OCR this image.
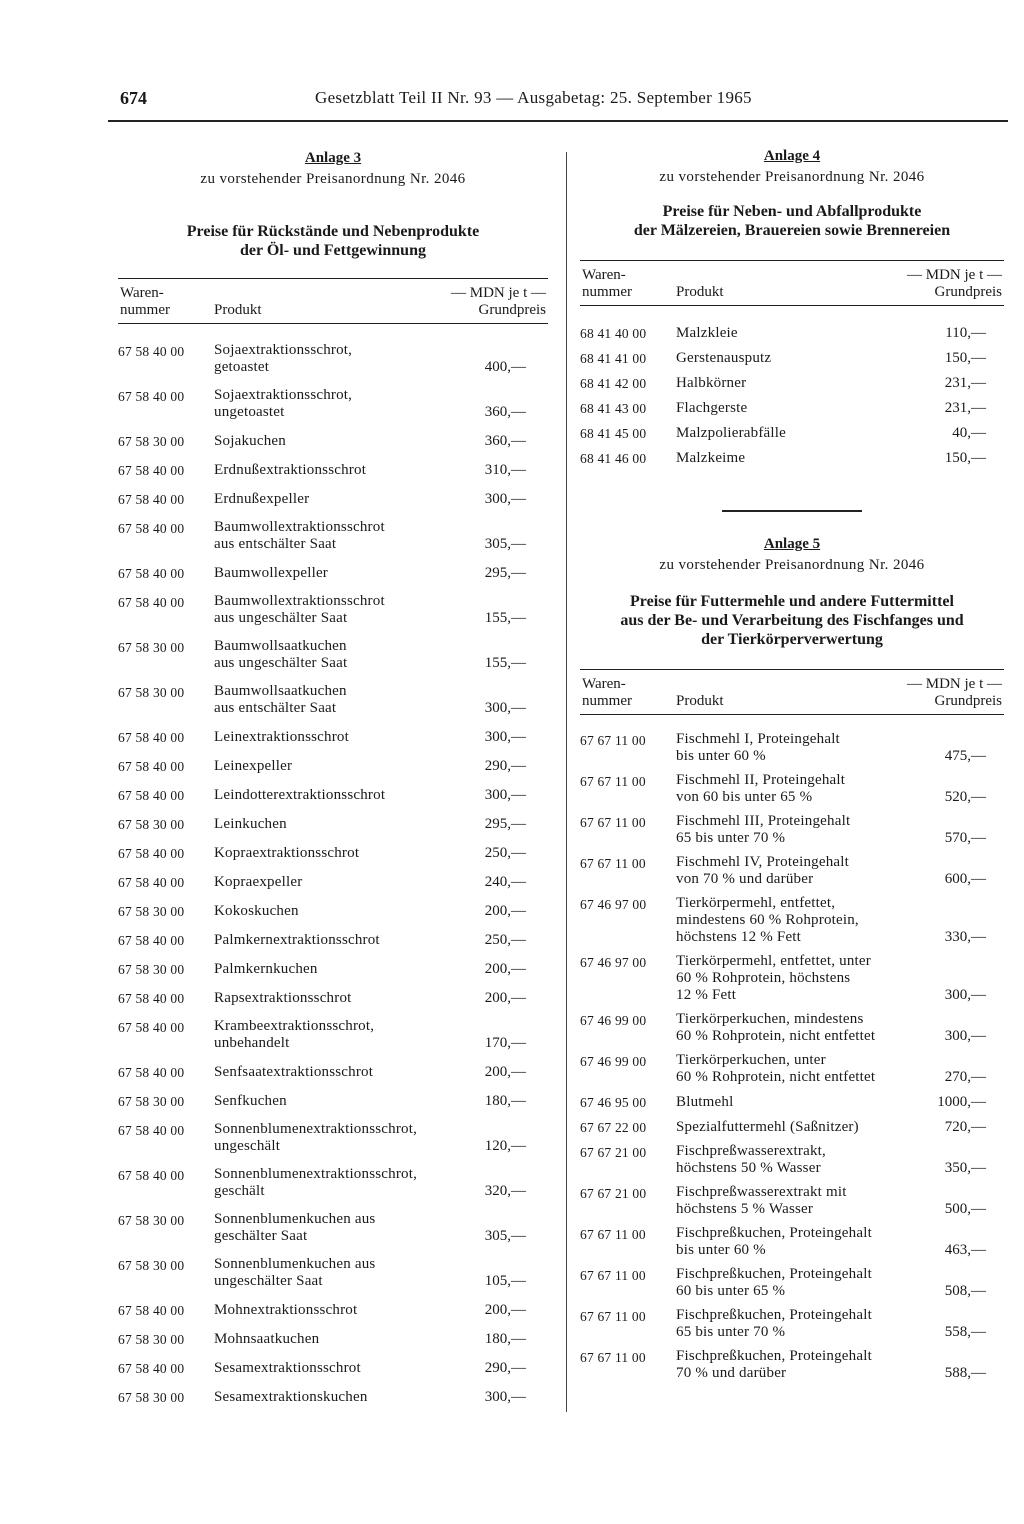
674	Gesetzblatt Teil II Nr. 93 — Ausgabetag: 25. September 1965
Anlage 3
zu vorstehender Preisanordnung Nr. 2046
Preise für Rückstände und Nebenprodukte
der Öl- und Fettgewinnung
Waren-
nummer	Produkt
— MDN je t —
Grundpreis
67 58 40 00	Sojaextraktionsschrot,
getoastet	400,—
67 58 40 00	Sojaextraktionsschrot,
ungetoastet	360,—
67 58 30 00	Sojakuchen	360,—
67 58 40 00	Erdnußextraktionsschrot	310,—
67 58 40 00	Erdnußexpeller	300,—
67 58 40 00	Baumwollextraktionsschrot
aus entschälter Saat	305,—
67 58 40 00	Baumwollexpeller	295,—
67 58 40 00	Baumwollextraktionsschrot
aus ungeschälter Saat	155,—
67 58 30 00	Baumwollsaatkuchen
aus ungeschälter Saat	155,—
67 58 30 00	Baumwollsaatkuchen
aus entschälter Saat	300,—
67 58 40 00	Leinextraktionsschrot	300,—
67 58 40 00	Leinexpeller	290,—
67 58 40 00	Leindotterextraktionsschrot	300,—
67 58 30 00	Leinkuchen	295,—
67 58 40 00	Kopraextraktionsschrot	250,—
67 58 40 00	Kopraexpeller	240,—
67 58 30 00	Kokoskuchen	200,—
67 58 40 00	Palmkernextraktionsschrot	250,—
67 58 30 00	Palmkernkuchen	200,—
67 58 40 00	Rapsextraktionsschrot	200,—
67 58 40 00	Krambeextraktionsschrot,
unbehandelt	170,—
67 58 40 00	Senfsaatextraktionsschrot	200,—
67 58 30 00	Senfkuchen	180,—
67 58 40 00	Sonnenblumenextraktionsschrot,
ungeschält	120,—
67 58 40 00	Sonnenblumenextraktionsschrot,
geschält	320,—
67 58 30 00	Sonnenblumenkuchen aus
geschälter Saat	305,—
67 58 30 00	Sonnenblumenkuchen aus
ungeschälter Saat	105,—
67 58 40 00	Mohnextraktionsschrot	200,—
67 58 30 00	Mohnsaatkuchen	180,—
67 58 40 00	Sesamextraktionsschrot	290,—
67 58 30 00	Sesamextraktionskuchen	300,—
Anlage 4
zu vorstehender Preisanordnung Nr. 2046
Preise für Neben- und Abfallprodukte
der Mälzereien, Brauereien sowie Brennereien
Waren-
nummer	Produkt
— MDN je t —
Grundpreis
68 41 40 00	Malzkleie	110,—
68 41 41 00	Gerstenausputz	150,—
68 41 42 00	Halbkörner	231,—
68 41 43 00	Flachgerste	231,—
68 41 45 00	Malzpolierabfälle	40,—
68 41 46 00	Malzkeime	150,—
Anlage 5
zu vorstehender Preisanordnung Nr. 2046
Preise für Futtermehle und andere Futtermittel
aus der Be- und Verarbeitung des Fischfanges und
der Tierkörperverwertung
Waren-
nummer	Produkt
— MDN je t —
Grundpreis
67 67 11 00	Fischmehl I, Proteingehalt
bis unter 60 %	475,—
67 67 11 00	Fischmehl II, Proteingehalt
von 60 bis unter 65 %	520,—
67 67 11 00	Fischmehl III, Proteingehalt
65 bis unter 70 %	570,—
67 67 11 00	Fischmehl IV, Proteingehalt
von 70 % und darüber	600,—
67 46 97 00	Tierkörpermehl, entfettet,
mindestens 60 % Rohprotein,
höchstens 12 % Fett	330,—
67 46 97 00	Tierkörpermehl, entfettet, unter
60 % Rohprotein, höchstens
12 % Fett	300,—
67 46 99 00	Tierkörperkuchen, mindestens
60 % Rohprotein, nicht entfettet	300,—
67 46 99 00	Tierkörperkuchen, unter
60 % Rohprotein, nicht entfettet	270,—
67 46 95 00	Blutmehl	1000,—
67 67 22 00	Spezialfuttermehl (Saßnitzer)	720,—
67 67 21 00	Fischpreßwasserextrakt,
höchstens 50 % Wasser	350,—
67 67 21 00	Fischpreßwasserextrakt mit
höchstens 5 % Wasser	500,—
67 67 11 00	Fischpreßkuchen, Proteingehalt
bis unter 60 %	463,—
67 67 11 00	Fischpreßkuchen, Proteingehalt
60 bis unter 65 %	508,—
67 67 11 00	Fischpreßkuchen, Proteingehalt
65 bis unter 70 %	558,—
67 67 11 00	Fischpreßkuchen, Proteingehalt
70 % und darüber	588,—
